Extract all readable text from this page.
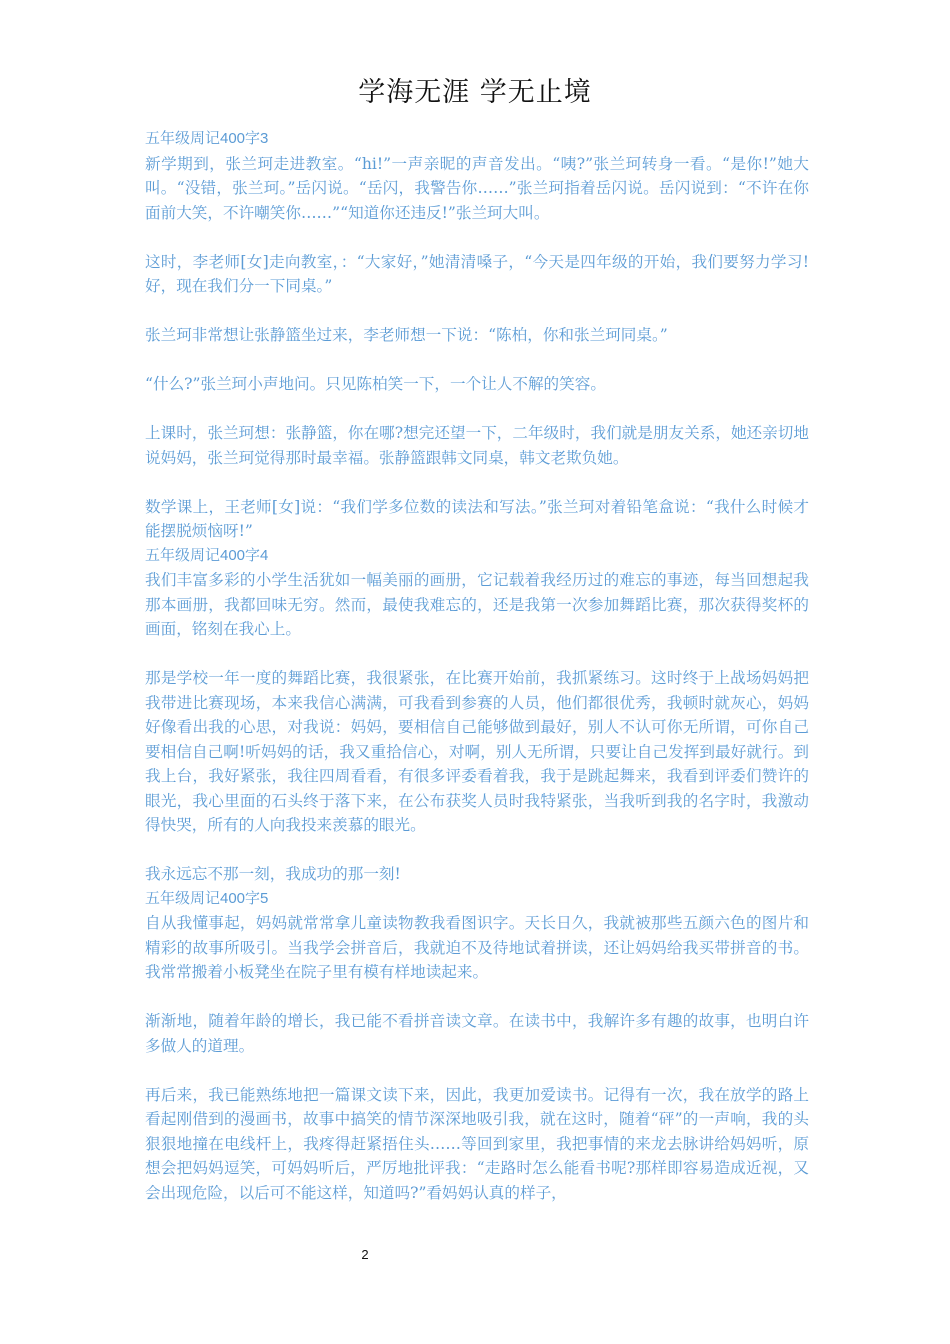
学海无涯 学无止境

五年级周记400字3

新学期到，张兰珂走进教室。“hi!”一声亲昵的声音发出。“咦?”张兰珂转身一看。“是你!”她大叫。“没错，张兰珂。”岳闪说。“岳闪，我警告你……”张兰珂指着岳闪说。岳闪说到：“不许在你面前大笑，不许嘲笑你……”“知道你还违反!”张兰珂大叫。

这时，李老师[女]走向教室，：“大家好，”她清清嗓子，“今天是四年级的开始，我们要努力学习!好，现在我们分一下同桌。”

张兰珂非常想让张静篮坐过来，李老师想一下说：“陈柏，你和张兰珂同桌。”

“什么?”张兰珂小声地问。只见陈柏笑一下，一个让人不解的笑容。

上课时，张兰珂想：张静篮，你在哪?想完还望一下，二年级时，我们就是朋友关系，她还亲切地说妈妈，张兰珂觉得那时最幸福。张静篮跟韩文同桌，韩文老欺负她。

数学课上，王老师[女]说：“我们学多位数的读法和写法。”张兰珂对着铅笔盒说：“我什么时候才能摆脱烦恼呀!”

五年级周记400字4

我们丰富多彩的小学生活犹如一幅美丽的画册，它记载着我经历过的难忘的事迹，每当回想起我那本画册，我都回味无穷。然而，最使我难忘的，还是我第一次参加舞蹈比赛，那次获得奖杯的画面，铭刻在我心上。

那是学校一年一度的舞蹈比赛，我很紧张，在比赛开始前，我抓紧练习。这时终于上战场妈妈把我带进比赛现场，本来我信心满满，可我看到参赛的人员，他们都很优秀，我顿时就灰心，妈妈好像看出我的心思，对我说：妈妈，要相信自己能够做到最好，别人不认可你无所谓，可你自己要相信自己啊!听妈妈的话，我又重拾信心，对啊，别人无所谓，只要让自己发挥到最好就行。到我上台，我好紧张，我往四周看看，有很多评委看着我，我于是跳起舞来，我看到评委们赞许的眼光，我心里面的石头终于落下来，在公布获奖人员时我特紧张，当我听到我的名字时，我激动得快哭，所有的人向我投来羡慕的眼光。

我永远忘不那一刻，我成功的那一刻!

五年级周记400字5

自从我懂事起，妈妈就常常拿儿童读物教我看图识字。天长日久，我就被那些五颜六色的图片和精彩的故事所吸引。当我学会拼音后，我就迫不及待地试着拼读，还让妈妈给我买带拼音的书。我常常搬着小板凳坐在院子里有模有样地读起来。

渐渐地，随着年龄的增长，我已能不看拼音读文章。在读书中，我解许多有趣的故事，也明白许多做人的道理。

再后来，我已能熟练地把一篇课文读下来，因此，我更加爱读书。记得有一次，我在放学的路上看起刚借到的漫画书，故事中搞笑的情节深深地吸引我，就在这时，随着“砰”的一声响，我的头狠狠地撞在电线杆上，我疼得赶紧捂住头……等回到家里，我把事情的来龙去脉讲给妈妈听，原想会把妈妈逗笑，可妈妈听后，严厉地批评我：“走路时怎么能看书呢?那样即容易造成近视，又会出现危险，以后可不能这样，知道吗?”看妈妈认真的样子，

2
